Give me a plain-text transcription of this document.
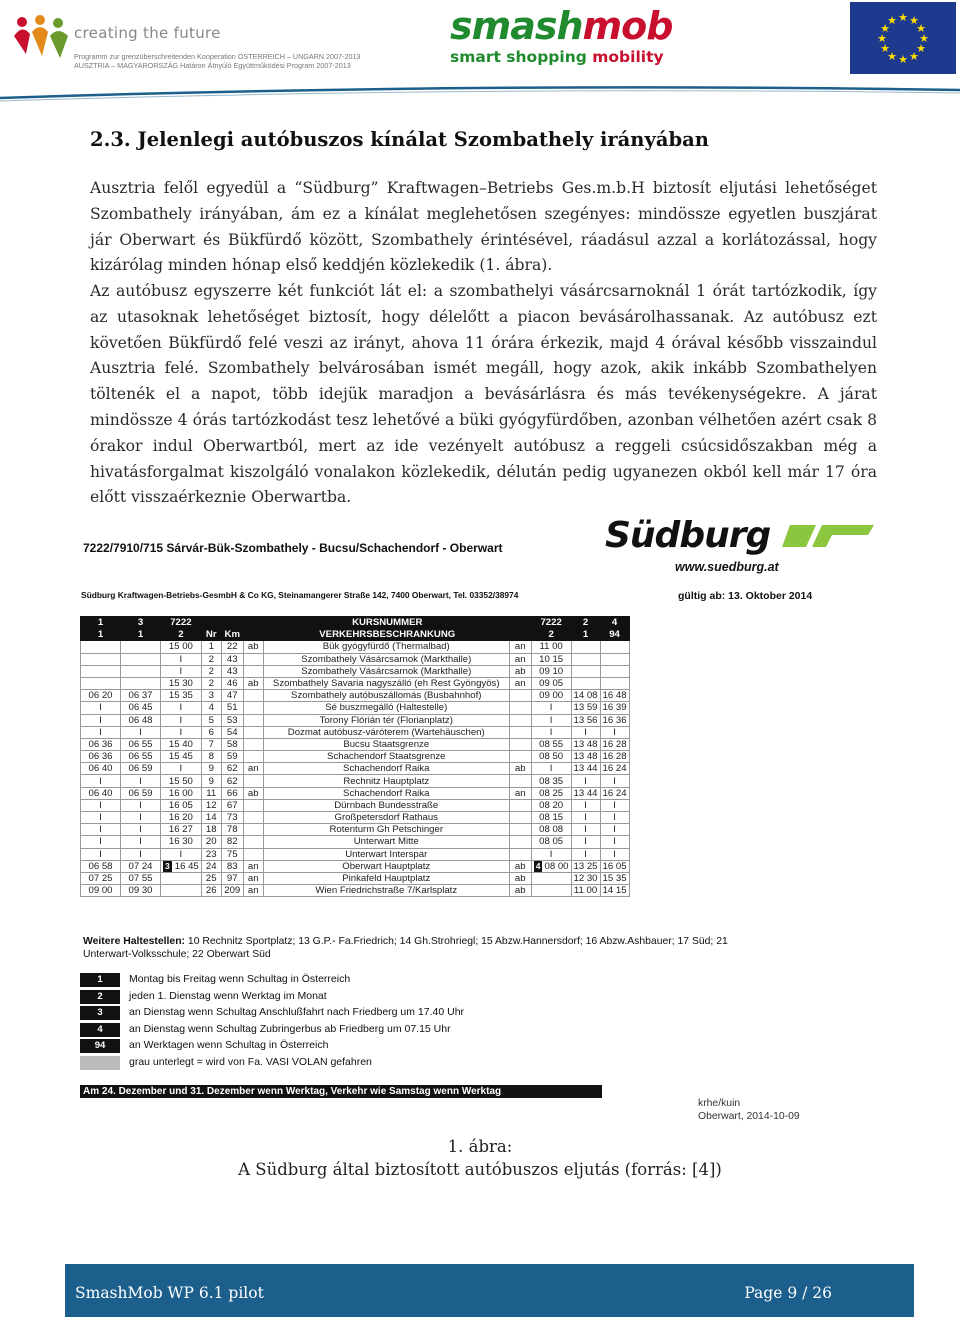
creating the future
Programm zur grenzüberschreitenden Kooperation ÖSTERREICH – UNGARN 2007-2013
AUSZTRIA – MAGYARORSZÁG Határon Átnyúló Együttműködési Program 2007-2013
smashmob
smart shopping mobility
★ ★
★
★
★
★
★
★
★
★
★
★
2.3. Jelenlegi autóbuszos kínálat Szombathely irányában

Ausztria felől egyedül a “Südburg” Kraftwagen–Betriebs Ges.m.b.H biztosít eljutási lehetőséget Szombathely irányában, ám ez a kínálat meglehetősen szegényes: mindössze egyetlen buszjárat jár Oberwart és Bükfürdő között, Szombathely érintésével, ráadásul azzal a korlátozással, hogy kizárólag minden hónap első keddjén közlekedik (1. ábra).

Az autóbusz egyszerre két funkciót lát el: a szombathelyi vásárcsarnoknál 1 órát tartózkodik, így az utasoknak lehetőséget biztosít, hogy délelőtt a piacon bevásárolhassanak. Az autóbusz ezt követően Bükfürdő felé veszi az irányt, ahova 11 órára érkezik, majd 4 órával később visszaindul Ausztria felé. Szombathely belvárosában ismét megáll, hogy azok, akik inkább Szombathelyen töltenék el a napot, több idejük maradjon a bevásárlásra és más tevékenységekre. A járat mindössze 4 órás tartózkodást tesz lehetővé a büki gyógyfürdőben, azonban vélhetően azért csak 8 órakor indul Oberwartból, mert az ide vezényelt autóbusz a reggeli csúcsidőszakban még a hivatásforgalmat kiszolgáló vonalakon közlekedik, délután pedig ugyanezen okból kell már 17 óra előtt visszaérkeznie Oberwartba.

7222/7910/715 Sárvár-Bük-Szombathely - Bucsu/Schachendorf - Oberwart	Südburg
www.suedburg.at
Südburg Kraftwagen-Betriebs-GesmbH & Co KG, Steinamangerer Straße 142, 7400 Oberwart, Tel. 03352/38974	gültig ab: 13. Oktober 2014
1	3	7222			KURSNUMMER			7222	2	4
1	1	2	Nr	Km	VERKEHRSBESCHRANKUNG			2	1	94
		15 00	1	22	ab	Bük gyógyfürdő (Thermalbad)	an	11 00		
		I	2	43		Szombathely Vásárcsarnok (Markthalle)	an	10 15		
		I	2	43		Szombathely Vásárcsarnok (Markthalle)	ab	09 10		
		15 30	2	46	ab	Szombathely Savaria nagyszálló (eh Rest Gyöngyös)	an	09 05		
06 20	06 37	15 35	3	47		Szombathely autóbuszállomás (Busbahnhof)		09 00	14 08	16 48
I	06 45	I	4	51		Sé buszmegálló (Haltestelle)		I	13 59	16 39
I	06 48	I	5	53		Torony Flórián tér (Florianplatz)		I	13 56	16 36
I	I	I	6	54		Dozmat autóbusz-váróterem (Wartehäuschen)		I	I	I
06 36	06 55	15 40	7	58		Bucsu Staatsgrenze		08 55	13 48	16 28
06 36	06 55	15 45	8	59		Schachendorf Staatsgrenze		08 50	13 48	16 28
06 40	06 59	I	9	62	an	Schachendorf Raika	ab	I	13 44	16 24
I	I	15 50	9	62		Rechnitz Hauptplatz		08 35	I	I
06 40	06 59	16 00	11	66	ab	Schachendorf Raika	an	08 25	13 44	16 24
I	I	16 05	12	67		Dürnbach Bundesstraße		08 20	I	I
I	I	16 20	14	73		Großpetersdorf Rathaus		08 15	I	I
I	I	16 27	18	78		Rotenturm Gh Petschinger		08 08	I	I
I	I	16 30	20	82		Unterwart Mitte		08 05	I	I
I	I	I	23	75		Unterwart Interspar		I	I	I
06 58	07 24	3 16 45	24	83	an	Oberwart Hauptplatz	ab	4 08 00	13 25	16 05
07 25	07 55		25	97	an	Pinkafeld Hauptplatz	ab		12 30	15 35
09 00	09 30		26	209	an	Wien Friedrichstraße 7/Karlsplatz	ab		11 00	14 15
Weitere Haltestellen: 10 Rechnitz Sportplatz; 13 G.P.- Fa.Friedrich; 14 Gh.Strohriegl; 15 Abzw.Hannersdorf; 16 Abzw.Ashbauer; 17 Süd; 21 Unterwart-Volksschule; 22 Oberwart Süd
1	Montag bis Freitag wenn Schultag in Österreich
2	jeden 1. Dienstag wenn Werktag im Monat
3	an Dienstag wenn Schultag Anschlußfahrt nach Friedberg um 17.40 Uhr
4	an Dienstag wenn Schultag Zubringerbus ab Friedberg um 07.15 Uhr
94	an Werktagen wenn Schultag in Österreich
grau unterlegt = wird von Fa. VASI VOLAN gefahren
Am 24. Dezember und 31. Dezember wenn Werktag, Verkehr wie Samstag wenn Werktag
krhe/kuin
Oberwart, 2014-10-09
1. ábra:
A Südburg által biztosított autóbuszos eljutás (forrás: [4])
SmashMob WP 6.1 pilot	Page 9 / 26
